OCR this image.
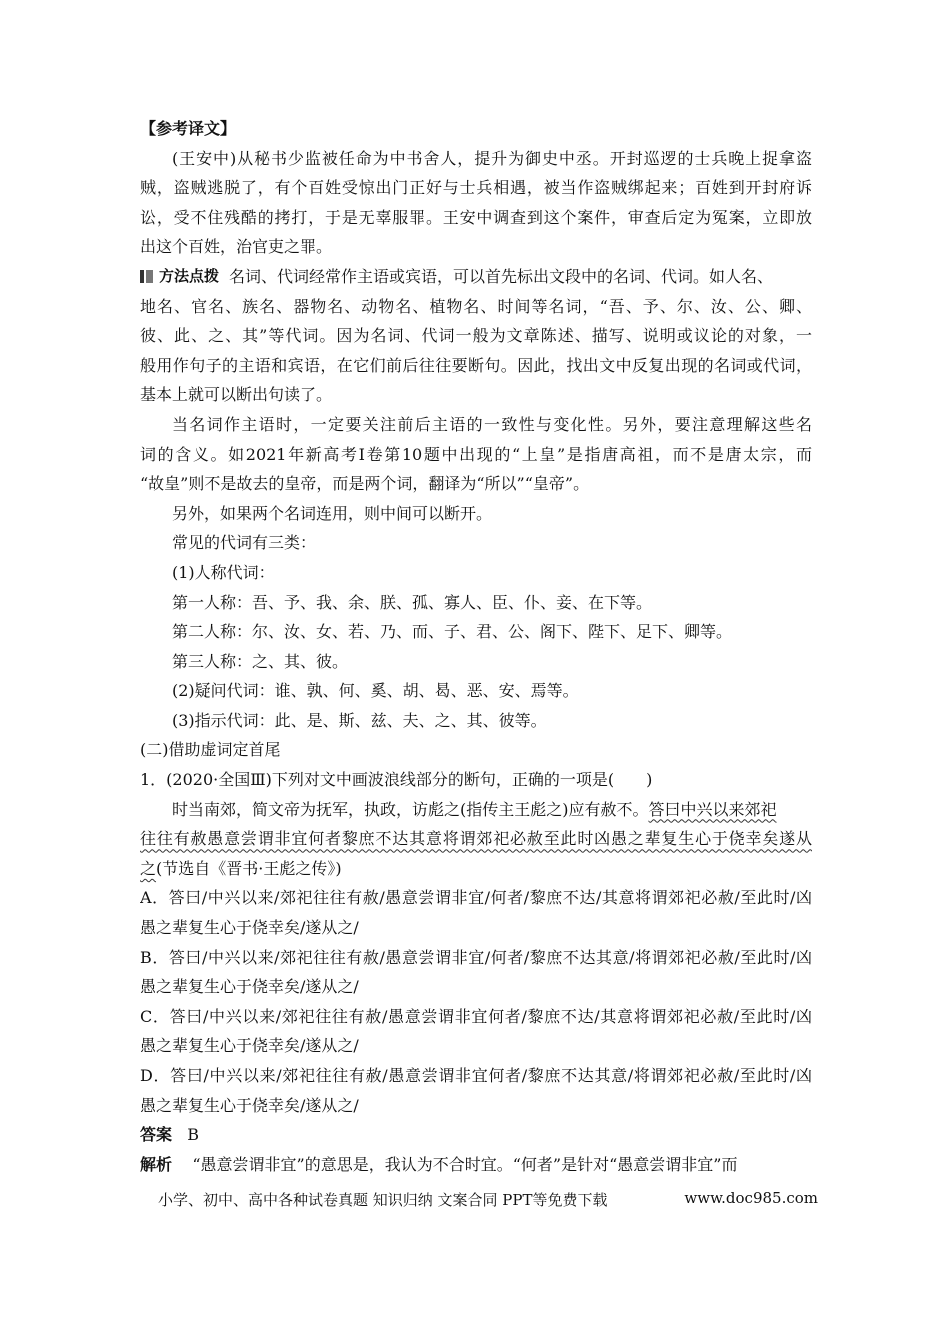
【参考译文】
(王安中)从秘书少监被任命为中书舍人，提升为御史中丞。开封巡逻的士兵晚上捉拿盗
贼，盗贼逃脱了，有个百姓受惊出门正好与士兵相遇，被当作盗贼绑起来；百姓到开封府诉
讼，受不住残酷的拷打，于是无辜服罪。王安中调查到这个案件，审查后定为冤案，立即放
出这个百姓，治官吏之罪。
方法点拨 名词、代词经常作主语或宾语，可以首先标出文段中的名词、代词。如人名、
地名、官名、族名、器物名、动物名、植物名、时间等名词，“吾、予、尔、汝、公、卿、
彼、此、之、其”等代词。因为名词、代词一般为文章陈述、描写、说明或议论的对象，一
般用作句子的主语和宾语，在它们前后往往要断句。因此，找出文中反复出现的名词或代词，
基本上就可以断出句读了。
当名词作主语时，一定要关注前后主语的一致性与变化性。另外，要注意理解这些名
词的含义。如2021年新高考Ⅰ卷第10题中出现的“上皇”是指唐高祖，而不是唐太宗，而
“故皇”则不是故去的皇帝，而是两个词，翻译为“所以”“皇帝”。
另外，如果两个名词连用，则中间可以断开。
常见的代词有三类：
(1)人称代词：
第一人称：吾、予、我、余、朕、孤、寡人、臣、仆、妾、在下等。
第二人称：尔、汝、女、若、乃、而、子、君、公、阁下、陛下、足下、卿等。
第三人称：之、其、彼。
(2)疑问代词：谁、孰、何、奚、胡、曷、恶、安、焉等。
(3)指示代词：此、是、斯、兹、夫、之、其、彼等。
(二)借助虚词定首尾
1．(2020·全国Ⅲ)下列对文中画波浪线部分的断句，正确的一项是(　　)
时当南郊，简文帝为抚军，执政，访彪之(指传主王彪之)应有赦不。答曰中兴以来郊祀
往往有赦愚意尝谓非宜何者黎庶不达其意将谓郊祀必赦至此时凶愚之辈复生心于侥幸矣遂从
之(节选自《晋书·王彪之传》)
A．答曰/中兴以来/郊祀往往有赦/愚意尝谓非宜/何者/黎庶不达/其意将谓郊祀必赦/至此时/凶
愚之辈复生心于侥幸矣/遂从之/
B．答曰/中兴以来/郊祀往往有赦/愚意尝谓非宜/何者/黎庶不达其意/将谓郊祀必赦/至此时/凶
愚之辈复生心于侥幸矣/遂从之/
C．答曰/中兴以来/郊祀往往有赦/愚意尝谓非宜何者/黎庶不达/其意将谓郊祀必赦/至此时/凶
愚之辈复生心于侥幸矣/遂从之/
D．答曰/中兴以来/郊祀往往有赦/愚意尝谓非宜何者/黎庶不达其意/将谓郊祀必赦/至此时/凶
愚之辈复生心于侥幸矣/遂从之/
答案 B
解析 “愚意尝谓非宜”的意思是，我认为不合时宜。“何者”是针对“愚意尝谓非宜”而
小学、初中、高中各种试卷真题 知识归纳 文案合同 PPT等免费下载	www.doc985.com
